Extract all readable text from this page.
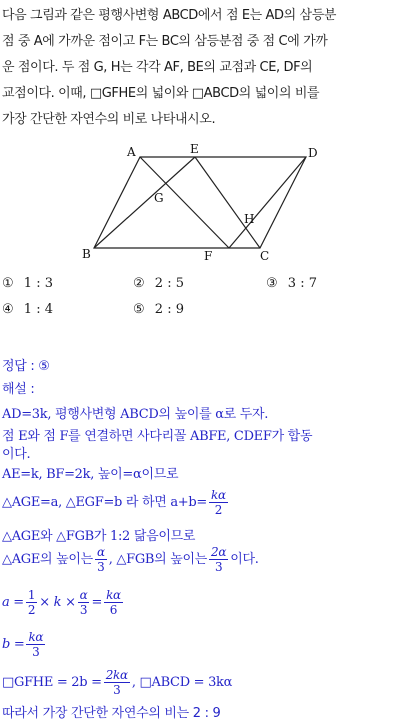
다음 그림과 같은 평행사변형 ABCD에서 점 E는 AD의 삼등분
점 중 A에 가까운 점이고 F는 BC의 삼등분점 중 점 C에 가까
운 점이다. 두 점 G, H는 각각 AF, BE의 교점과 CE, DF의
교점이다. 이때, □GFHE의 넓이와 □ABCD의 넓이의 비를
가장 간단한 자연수의 비로 나타내시오.
A	E	D
G
H
B	F	C
① 1 : 3	② 2 : 5	③ 3 : 7
④ 1 : 4	⑤ 2 : 9
정답 : ⑤
해설 :
AD=3k, 평행사변형 ABCD의 높이를 α로 두자.
점 E와 점 F를 연결하면 사다리꼴 ABFE, CDEF가 합동
이다.
AE=k, BF=2k, 높이=α이므로
△AGE=a, △EGF=b 라 하면 $a+b= \frac{k\alpha}{2}$
△AGE와 △FGB가 1:2 닮음이므로
△AGE의 높이는 $\frac{\alpha}{3}$ , △FGB의 높이는 $\frac{2\alpha}{3}$ 이다.
$a = \frac{1}{2} \times k \times \frac{\alpha}{3} = \frac{k\alpha}{6}$
$b = \frac{k\alpha}{3}$
□GFHE = $2b = \frac{2k\alpha}{3}$ , □ABCD = 3kα
따라서 가장 간단한 자연수의 비는 2 : 9
